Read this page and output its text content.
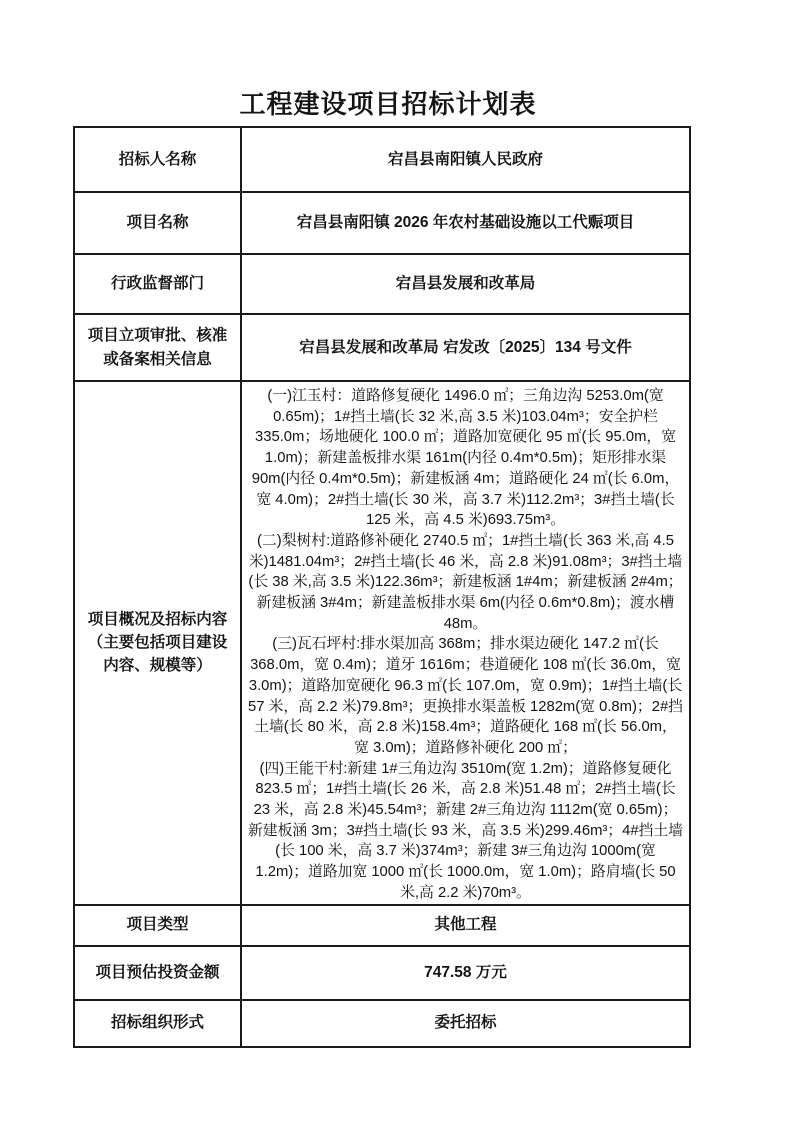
工程建设项目招标计划表
招标人名称	宕昌县南阳镇人民政府
项目名称	宕昌县南阳镇 2026 年农村基础设施以工代赈项目
行政监督部门	宕昌县发展和改革局
项目立项审批、核准或备案相关信息	宕昌县发展和改革局 宕发改〔2025〕134 号文件
项目概况及招标内容（主要包括项目建设内容、规模等）	(一)江玉村：道路修复硬化 1496.0 ㎡；三角边沟 5253.0m(宽 0.65m)；1#挡土墙(长 32 米,高 3.5 米)103.04m³；安全护栏 335.0m；场地硬化 100.0 ㎡；道路加宽硬化 95 ㎡(长 95.0m，宽 1.0m)；新建盖板排水渠 161m(内径 0.4m*0.5m)；矩形排水渠 90m(内径 0.4m*0.5m)；新建板涵 4m；道路硬化 24 ㎡(长 6.0m，宽 4.0m)；2#挡土墙(长 30 米，高 3.7 米)112.2m³；3#挡土墙(长 125 米，高 4.5 米)693.75m³。

(二)梨树村:道路修补硬化 2740.5 ㎡；1#挡土墙(长 363 米,高 4.5 米)1481.04m³；2#挡土墙(长 46 米，高 2.8 米)91.08m³；3#挡土墙(长 38 米,高 3.5 米)122.36m³；新建板涵 1#4m；新建板涵 2#4m；新建板涵 3#4m；新建盖板排水渠 6m(内径 0.6m*0.8m)；渡水槽 48m。

(三)瓦石坪村:排水渠加高 368m；排水渠边硬化 147.2 ㎡(长 368.0m，宽 0.4m)；道牙 1616m；巷道硬化 108 ㎡(长 36.0m，宽 3.0m)；道路加宽硬化 96.3 ㎡(长 107.0m，宽 0.9m)；1#挡土墙(长 57 米，高 2.2 米)79.8m³；更换排水渠盖板 1282m(宽 0.8m)；2#挡土墙(长 80 米，高 2.8 米)158.4m³；道路硬化 168 ㎡(长 56.0m，宽 3.0m)；道路修补硬化 200 ㎡；

(四)王能干村:新建 1#三角边沟 3510m(宽 1.2m)；道路修复硬化 823.5 ㎡；1#挡土墙(长 26 米，高 2.8 米)51.48 ㎡；2#挡土墙(长 23 米，高 2.8 米)45.54m³；新建 2#三角边沟 1112m(宽 0.65m)；新建板涵 3m；3#挡土墙(长 93 米，高 3.5 米)299.46m³；4#挡土墙(长 100 米，高 3.7 米)374m³；新建 3#三角边沟 1000m(宽 1.2m)；道路加宽 1000 ㎡(长 1000.0m，宽 1.0m)；路肩墙(长 50 米,高 2.2 米)70m³。

项目类型	其他工程
项目预估投资金额	747.58 万元
招标组织形式	委托招标
